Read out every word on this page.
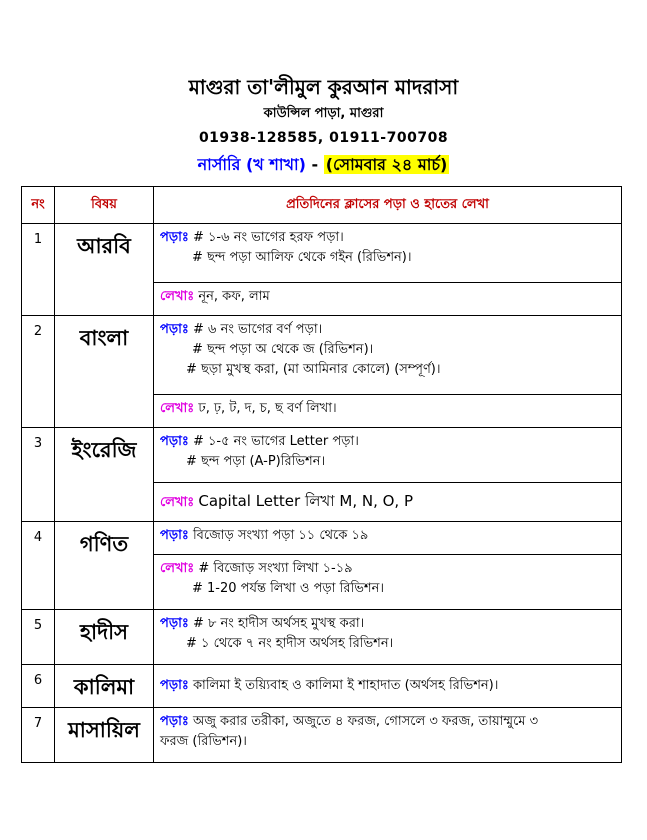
মাগুরা তা'লীমুল কুরআন মাদরাসা
কাউন্সিল পাড়া, মাগুরা
01938-128585, 01911-700708
নার্সারি (খ শাখা) - (সোমবার ২৪ মার্চ)
নং	বিষয়	প্রতিদিনের ক্লাসের পড়া ও হাতের লেখা
1	আরবি	পড়াঃ # ১-৬ নং ভাগের হরফ পড়া।
# ছন্দ পড়া আলিফ থেকে গইন (রিভিশন)।

		লেখাঃ নূন, কফ, লাম
2	বাংলা	পড়াঃ # ৬ নং ভাগের বর্ণ পড়া।
# ছন্দ পড়া অ থেকে জ (রিভিশন)।
# ছড়া মুখস্থ করা, (মা আমিনার কোলে) (সম্পূর্ণ)।

		লেখাঃ ঢ, ঢ়, ট, দ, চ, ছ বর্ণ লিখা।
3	ইংরেজি	পড়াঃ # ১-৫ নং ভাগের Letter পড়া।
# ছন্দ পড়া (A-P)রিভিশন।

		লেখাঃ Capital Letter লিখা M, N, O, P
4	গণিত	পড়াঃ বিজোড় সংখ্যা পড়া ১১ থেকে ১৯

		লেখাঃ # বিজোড় সংখ্যা লিখা ১-১৯
# 1-20 পর্যন্ত লিখা ও পড়া রিভিশন।

5	হাদীস	পড়াঃ # ৮ নং হাদীস অর্থসহ মুখস্থ করা।
# ১ থেকে ৭ নং হাদীস অর্থসহ রিভিশন।

6	কালিমা	পড়াঃ কালিমা ই তয়্যিবাহ ও কালিমা ই শাহাদাত (অর্থসহ রিভিশন)।
7	মাসায়িল	পড়াঃ অজু করার তরীকা, অজুতে ৪ ফরজ, গোসলে ৩ ফরজ, তায়াম্মুমে ৩
ফরজ (রিভিশন)।
